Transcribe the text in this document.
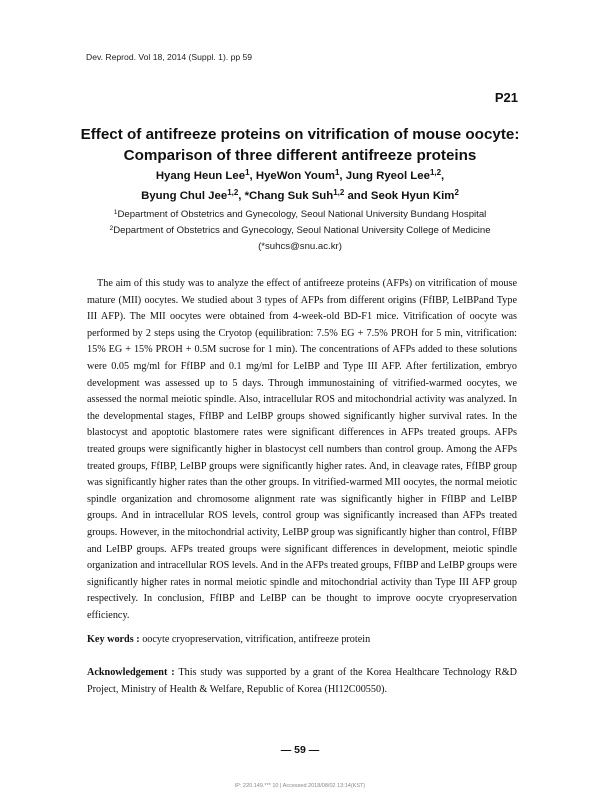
Dev. Reprod. Vol 18, 2014 (Suppl. 1). pp 59
P21
Effect of antifreeze proteins on vitrification of mouse oocyte:
Comparison of three different antifreeze proteins
Hyang Heun Lee$^1$, HyeWon Youm$^1$, Jung Ryeol Lee$^{1,2}$,
Byung Chul Jee$^{1,2}$, *Chang Suk Suh$^{1,2}$ and Seok Hyun Kim$^2$
$^1$Department of Obstetrics and Gynecology, Seoul National University Bundang Hospital
$^2$Department of Obstetrics and Gynecology, Seoul National University College of Medicine
(*suhcs@snu.ac.kr)

The aim of this study was to analyze the effect of antifreeze proteins (AFPs) on vitrification of mouse mature (MII) oocytes. We studied about 3 types of AFPs from different origins (FfIBP, LeIBPand Type III AFP). The MII oocytes were obtained from 4-week-old BD-F1 mice. Vitrification of oocyte was performed by 2 steps using the Cryotop (equilibration: 7.5% EG + 7.5% PROH for 5 min, vitrification: 15% EG + 15% PROH + 0.5M sucrose for 1 min). The concentrations of AFPs added to these solutions were 0.05 mg/ml for FfIBP and 0.1 mg/ml for LeIBP and Type III AFP. After fertilization, embryo development was assessed up to 5 days. Through immunostaining of vitrified-warmed oocytes, we assessed the normal meiotic spindle. Also, intracellular ROS and mitochondrial activity was analyzed. In the developmental stages, FfIBP and LeIBP groups showed significantly higher survival rates. In the blastocyst and apoptotic blastomere rates were significant differences in AFPs treated groups. AFPs treated groups were significantly higher in blastocyst cell numbers than control group. Among the AFPs treated groups, FfIBP, LeIBP groups were significantly higher rates. And, in cleavage rates, FfIBP group was significantly higher rates than the other groups. In vitrified-warmed MII oocytes, the normal meiotic spindle organization and chromosome alignment rate was significantly higher in FfIBP and LeIBP groups. And in intracellular ROS levels, control group was significantly increased than AFPs treated groups. However, in the mitochondrial activity, LeIBP group was significantly higher than control, FfIBP and LeIBP groups. AFPs treated groups were significant differences in development, meiotic spindle organization and intracellular ROS levels. And in the AFPs treated groups, FfIBP and LeIBP groups were significantly higher rates in normal meiotic spindle and mitochondrial activity than Type III AFP group respectively. In conclusion, FfIBP and LeIBP can be thought to improve oocyte cryopreservation efficiency.

Key words : oocyte cryopreservation, vitrification, antifreeze protein

Acknowledgement : This study was supported by a grant of the Korea Healthcare Technology R&D Project, Ministry of Health & Welfare, Republic of Korea (HI12C00550).

— 59 —
IP: 220.149.*** 10 | Accessed 2018/08/02 13:14(KST)
